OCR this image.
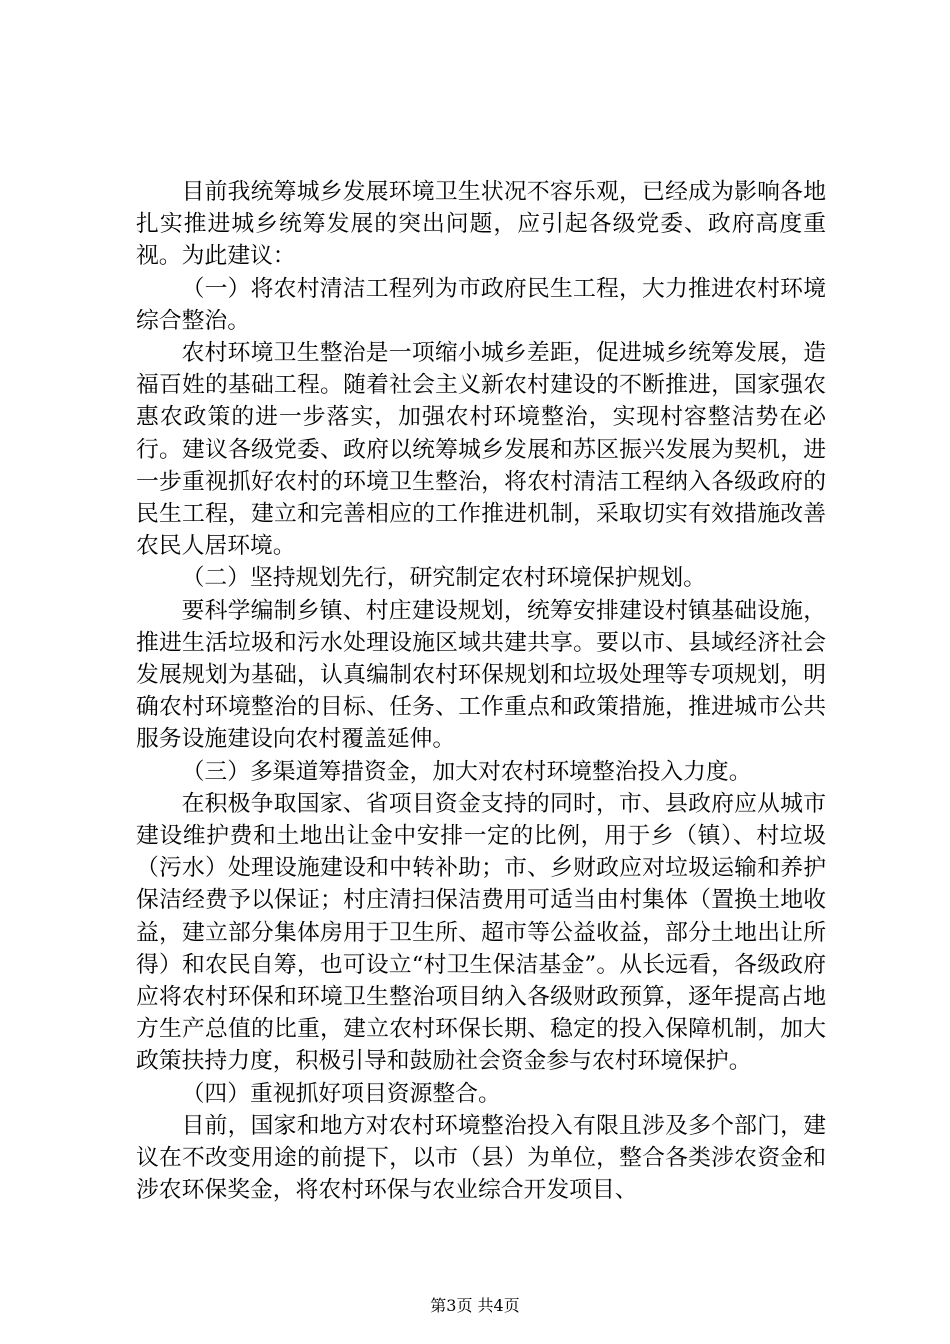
目前我统筹城乡发展环境卫生状况不容乐观，已经成为影响各地扎实推进城乡统筹发展的突出问题，应引起各级党委、政府高度重视。为此建议：

（一）将农村清洁工程列为市政府民生工程，大力推进农村环境综合整治。

农村环境卫生整治是一项缩小城乡差距，促进城乡统筹发展，造福百姓的基础工程。随着社会主义新农村建设的不断推进，国家强农惠农政策的进一步落实，加强农村环境整治，实现村容整洁势在必行。建议各级党委、政府以统筹城乡发展和苏区振兴发展为契机，进一步重视抓好农村的环境卫生整治，将农村清洁工程纳入各级政府的民生工程，建立和完善相应的工作推进机制，采取切实有效措施改善农民人居环境。

（二）坚持规划先行，研究制定农村环境保护规划。

要科学编制乡镇、村庄建设规划，统筹安排建设村镇基础设施，推进生活垃圾和污水处理设施区域共建共享。要以市、县域经济社会发展规划为基础，认真编制农村环保规划和垃圾处理等专项规划，明确农村环境整治的目标、任务、工作重点和政策措施，推进城市公共服务设施建设向农村覆盖延伸。

（三）多渠道筹措资金，加大对农村环境整治投入力度。

在积极争取国家、省项目资金支持的同时，市、县政府应从城市建设维护费和土地出让金中安排一定的比例，用于乡（镇）、村垃圾（污水）处理设施建设和中转补助；市、乡财政应对垃圾运输和养护保洁经费予以保证；村庄清扫保洁费用可适当由村集体（置换土地收益，建立部分集体房用于卫生所、超市等公益收益，部分土地出让所得）和农民自筹，也可设立“村卫生保洁基金”。从长远看，各级政府应将农村环保和环境卫生整治项目纳入各级财政预算，逐年提高占地方生产总值的比重，建立农村环保长期、稳定的投入保障机制，加大政策扶持力度，积极引导和鼓励社会资金参与农村环境保护。

（四）重视抓好项目资源整合。

目前，国家和地方对农村环境整治投入有限且涉及多个部门，建议在不改变用途的前提下，以市（县）为单位，整合各类涉农资金和涉农环保奖金，将农村环保与农业综合开发项目、

第3页 共4页
